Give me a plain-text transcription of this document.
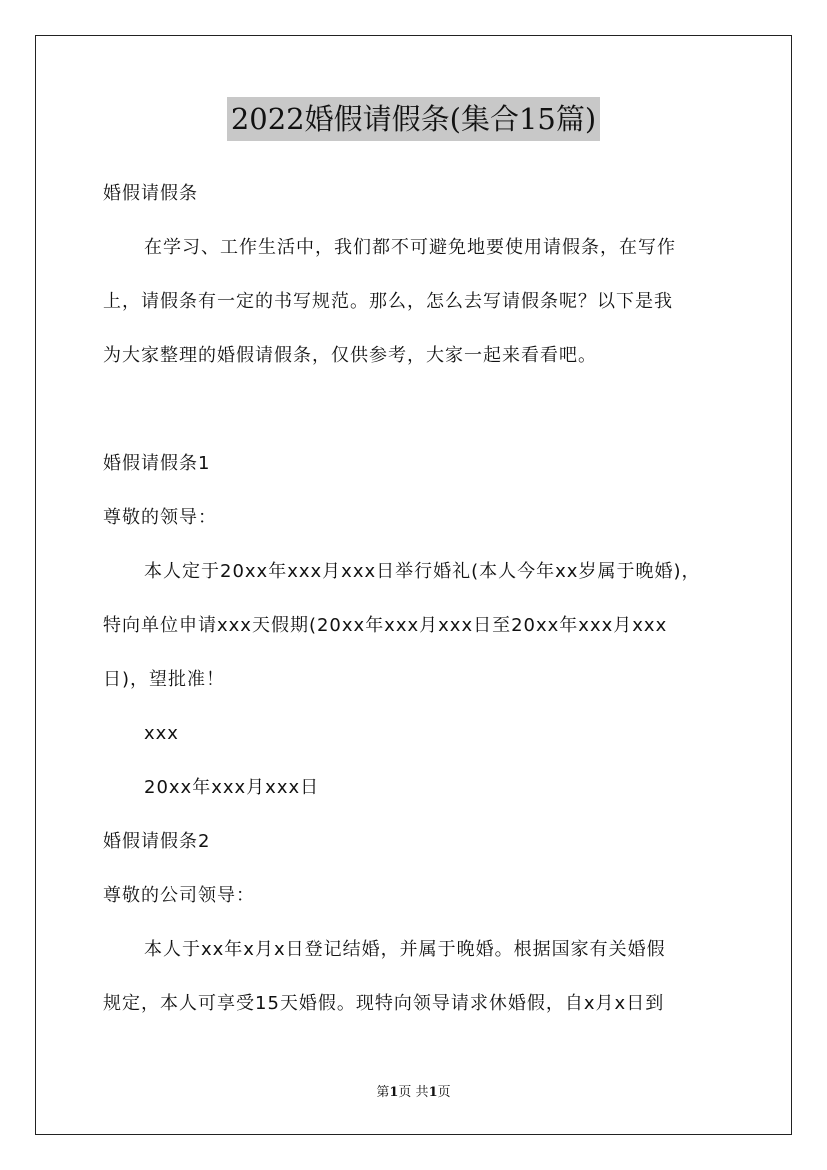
2022婚假请假条(集合15篇)
婚假请假条
在学习、工作生活中，我们都不可避免地要使用请假条，在写作
上，请假条有一定的书写规范。那么，怎么去写请假条呢？以下是我
为大家整理的婚假请假条，仅供参考，大家一起来看看吧。
婚假请假条1
尊敬的领导：
本人定于20xx年xxx月xxx日举行婚礼(本人今年xx岁属于晚婚)，
特向单位申请xxx天假期(20xx年xxx月xxx日至20xx年xxx月xxx
日)，望批准！
xxx
20xx年xxx月xxx日
婚假请假条2
尊敬的公司领导：
本人于xx年x月x日登记结婚，并属于晚婚。根据国家有关婚假
规定，本人可享受15天婚假。现特向领导请求休婚假，自x月x日到
第1页 共1页
